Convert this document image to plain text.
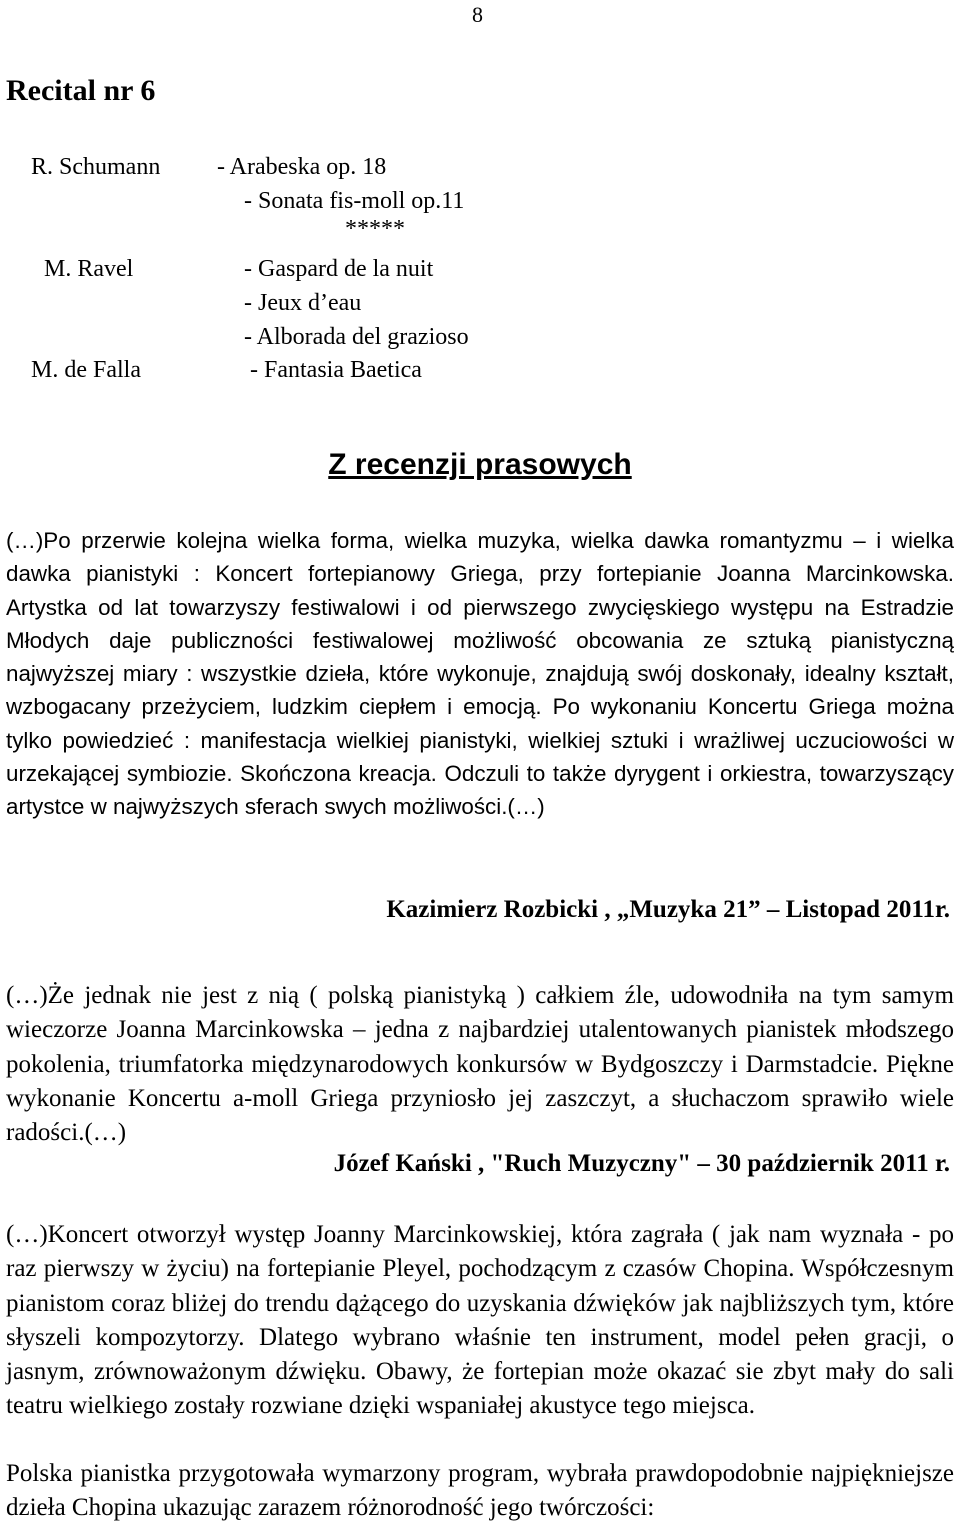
8
Recital nr 6
R. Schumann - Arabeska op. 18
- Sonata fis-moll op.11
*****
M. Ravel	- Gaspard de la nuit
- Jeux d’eau
- Alborada del grazioso
M. de Falla	- Fantasia Baetica
Z recenzji prasowych

(…)Po przerwie kolejna wielka forma, wielka muzyka, wielka dawka romantyzmu – i wielka dawka pianistyki : Koncert fortepianowy Griega, przy fortepianie Joanna Marcinkowska. Artystka od lat towarzyszy festiwalowi i od pierwszego zwycięskiego występu na Estradzie Młodych daje publiczności festiwalowej możliwość obcowania ze sztuką pianistyczną najwyższej miary : wszystkie dzieła, które wykonuje, znajdują swój doskonały, idealny kształt, wzbogacany przeżyciem, ludzkim ciepłem i emocją. Po wykonaniu Koncertu Griega można tylko powiedzieć : manifestacja wielkiej pianistyki, wielkiej sztuki i wrażliwej uczuciowości w urzekającej symbiozie. Skończona kreacja. Odczuli to także dyrygent i orkiestra, towarzyszący artystce w najwyższych sferach swych możliwości.(…)

Kazimierz Rozbicki , „Muzyka 21” – Listopad 2011r.

(…)Że jednak nie jest z nią ( polską pianistyką ) całkiem źle, udowodniła na tym samym wieczorze Joanna Marcinkowska – jedna z najbardziej utalentowanych pianistek młodszego pokolenia, triumfatorka międzynarodowych konkursów w Bydgoszczy i Darmstadcie. Piękne wykonanie Koncertu a-moll Griega przyniosło jej zaszczyt, a słuchaczom sprawiło wiele radości.(…)

Józef Kański , "Ruch Muzyczny" – 30 październik 2011 r.

(…)Koncert otworzył występ Joanny Marcinkowskiej, która zagrała ( jak nam wyznała - po raz pierwszy w życiu) na fortepianie Pleyel, pochodzącym z czasów Chopina. Współczesnym pianistom coraz bliżej do trendu dążącego do uzyskania dźwięków jak najbliższych tym, które słyszeli kompozytorzy. Dlatego wybrano właśnie ten instrument, model pełen gracji, o jasnym, zrównoważonym dźwięku. Obawy, że fortepian może okazać sie zbyt mały do sali teatru wielkiego zostały rozwiane dzięki wspaniałej akustyce tego miejsca.

Polska pianistka przygotowała wymarzony program, wybrała prawdopodobnie najpiękniejsze dzieła Chopina ukazując zarazem różnorodność jego twórczości:
